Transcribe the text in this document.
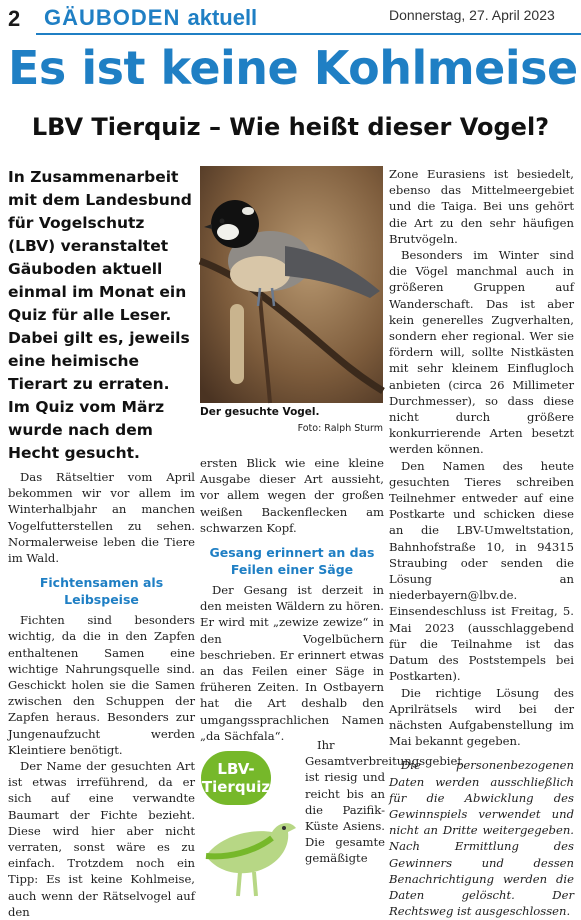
2 GÄUBODEN aktuell	Donnerstag, 27. April 2023
Es ist keine Kohlmeise
LBV Tierquiz – Wie heißt dieser Vogel?
In Zusammenarbeit mit dem Landesbund für Vogelschutz (LBV) veranstaltet Gäuboden aktuell einmal im Monat ein Quiz für alle Leser. Dabei gilt es, jeweils eine heimische Tierart zu erraten. Im Quiz vom März wurde nach dem Hecht gesucht.
Der gesuchte Vogel.
Foto: Ralph Sturm

Das Rätseltier vom April bekommen wir vor allem im Winterhalbjahr an manchen Vogelfutterstellen zu sehen. Normalerweise leben die Tiere im Wald.

Fichtensamen als Leibspeise

Fichten sind besonders wichtig, da die in den Zapfen enthaltenen Samen eine wichtige Nahrungsquelle sind. Geschickt holen sie die Samen zwischen den Schuppen der Zapfen heraus. Besonders zur Jungenaufzucht werden Kleintiere benötigt.

Der Name der gesuchten Art ist etwas irreführend, da er sich auf eine verwandte Baumart der Fichte bezieht. Diese wird hier aber nicht verraten, sonst wäre es zu einfach. Trotzdem noch ein Tipp: Es ist keine Kohlmeise, auch wenn der Rätselvogel auf den

ersten Blick wie eine kleine Ausgabe dieser Art aussieht, vor allem wegen der großen weißen Backenflecken am schwarzen Kopf.

Gesang erinnert an das Feilen einer Säge

Der Gesang ist derzeit in den meisten Wäldern zu hören. Er wird mit „zewize zewize“ in den Vogelbüchern beschrieben. Er erinnert etwas an das Feilen einer Säge in früheren Zeiten. In Ostbayern hat die Art deshalb den umgangssprachlichen Namen „da Sächfala“.

Ihr Gesamtverbreitungsgebiet ist riesig und reicht bis an die Pazifik-Küste Asiens. Die gesamte gemäßigte

LBV-
Tierquiz

Zone Eurasiens ist besiedelt, ebenso das Mittelmeergebiet und die Taiga. Bei uns gehört die Art zu den sehr häufigen Brutvögeln.

Besonders im Winter sind die Vögel manchmal auch in größeren Gruppen auf Wanderschaft. Das ist aber kein generelles Zugverhalten, sondern eher regional. Wer sie fördern will, sollte Nistkästen mit sehr kleinem Einflugloch anbieten (circa 26 Millimeter Durchmesser), so dass diese nicht durch größere konkurrierende Arten besetzt werden können.

Den Namen des heute gesuchten Tieres schreiben Teilnehmer entweder auf eine Postkarte und schicken diese an die LBV-Umweltstation, Bahnhofstraße 10, in 94315 Straubing oder senden die Lösung an niederbayern@lbv.de. Einsendeschluss ist Freitag, 5. Mai 2023 (ausschlaggebend für die Teilnahme ist das Datum des Poststempels bei Postkarten).

Die richtige Lösung des Aprilrätsels wird bei der nächsten Aufgabenstellung im Mai bekannt gegeben.

Die personenbezogenen Daten werden ausschließlich für die Abwicklung des Gewinnspiels verwendet und nicht an Dritte weitergegeben. Nach Ermittlung des Gewinners und dessen Benachrichtigung werden die Daten gelöscht. Der Rechtsweg ist ausgeschlossen.
